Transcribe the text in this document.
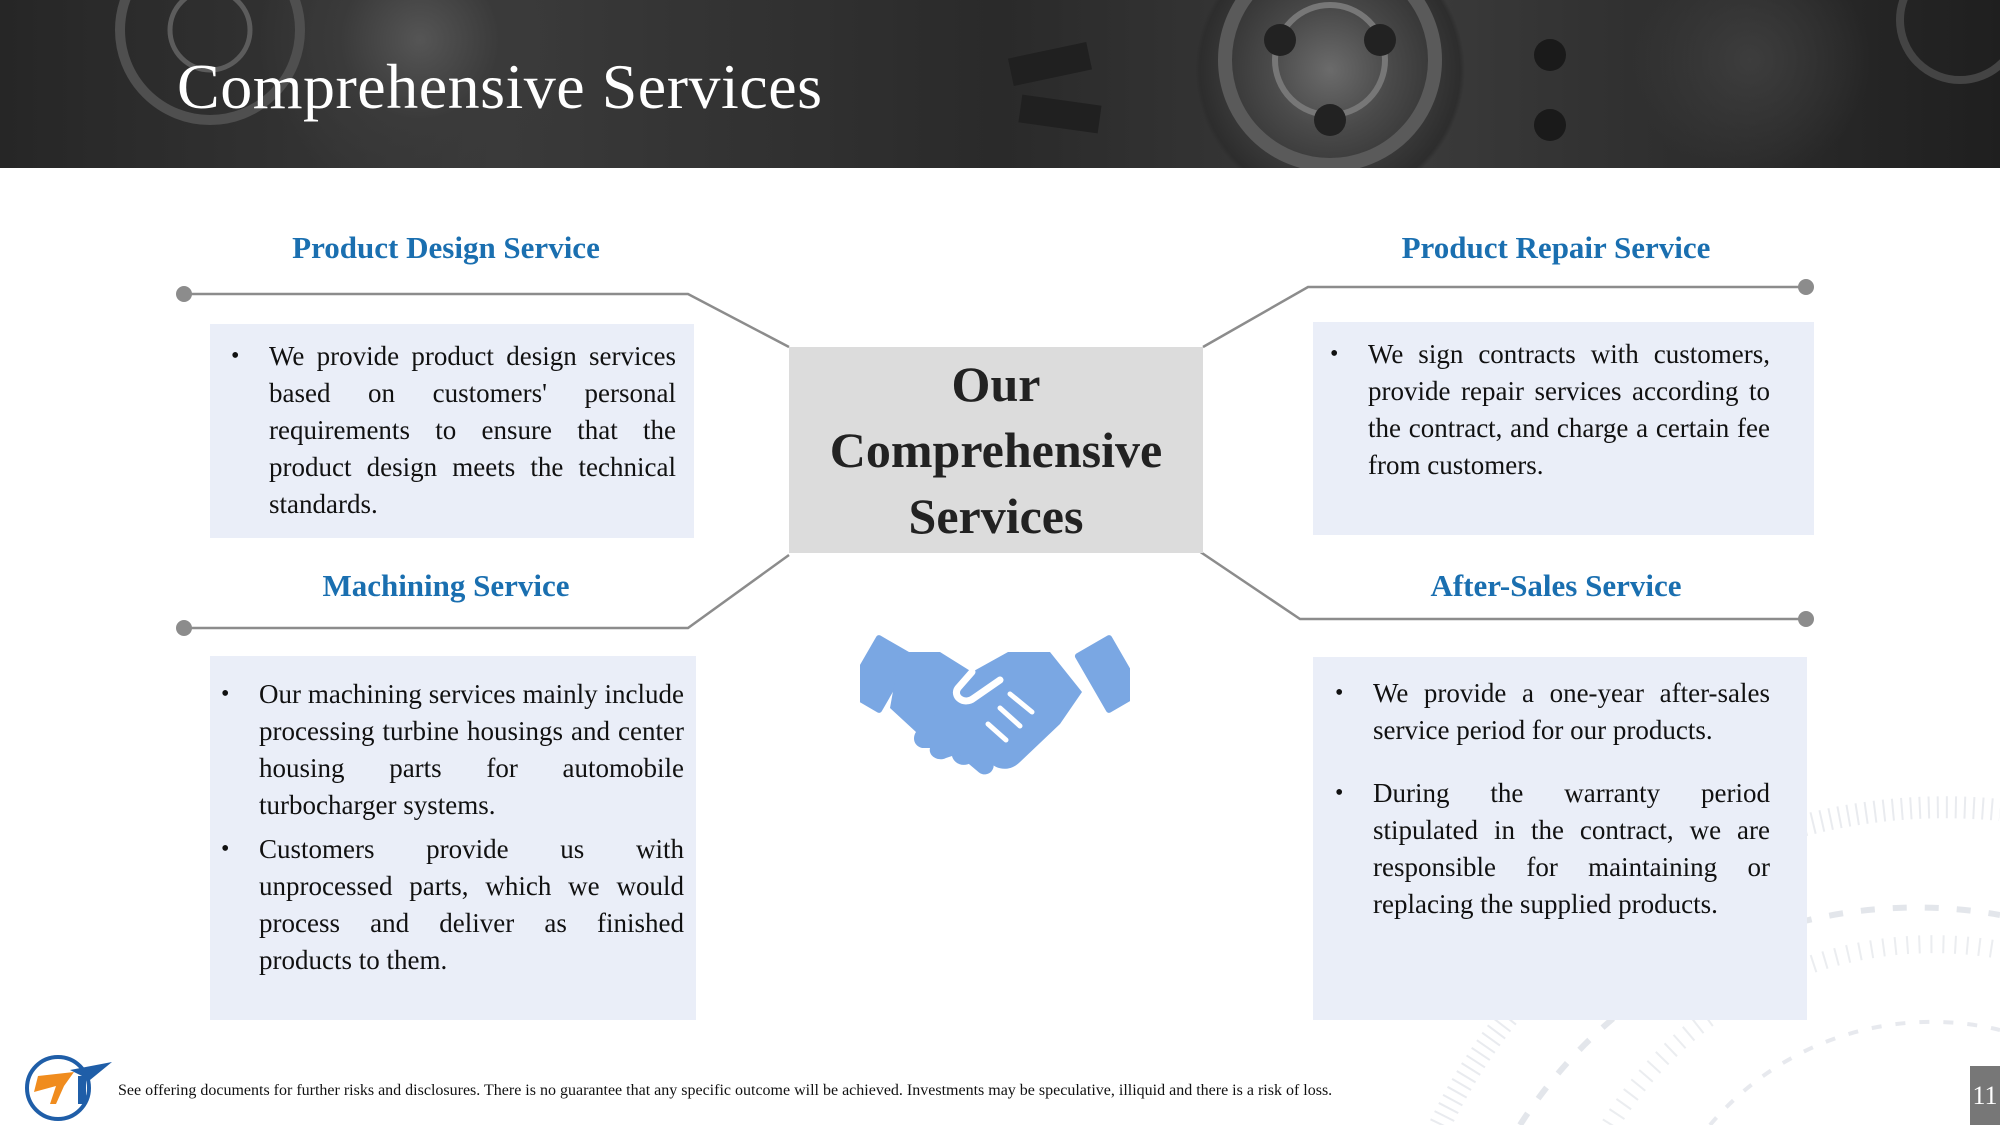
Comprehensive Services
Product Design Service	Product Repair Service
Machining Service	After-Sales Service
• We provide product design services based on customers' personal requirements to ensure that the product design meets the technical standards.
• We sign contracts with customers, provide repair services according to the contract, and charge a certain fee from customers.
• Our machining services mainly include processing turbine housings and center housing parts for automobile turbocharger systems.
• Customers provide us with unprocessed parts, which we would process and deliver as finished products to them.
• We provide a one-year after-sales service period for our products.
• During the warranty period stipulated in the contract, we are responsible for maintaining or replacing the supplied products.
Our Comprehensive Services
See offering documents for further risks and disclosures. There is no guarantee that any specific outcome will be achieved. Investments may be speculative, illiquid and there is a risk of loss.	11
